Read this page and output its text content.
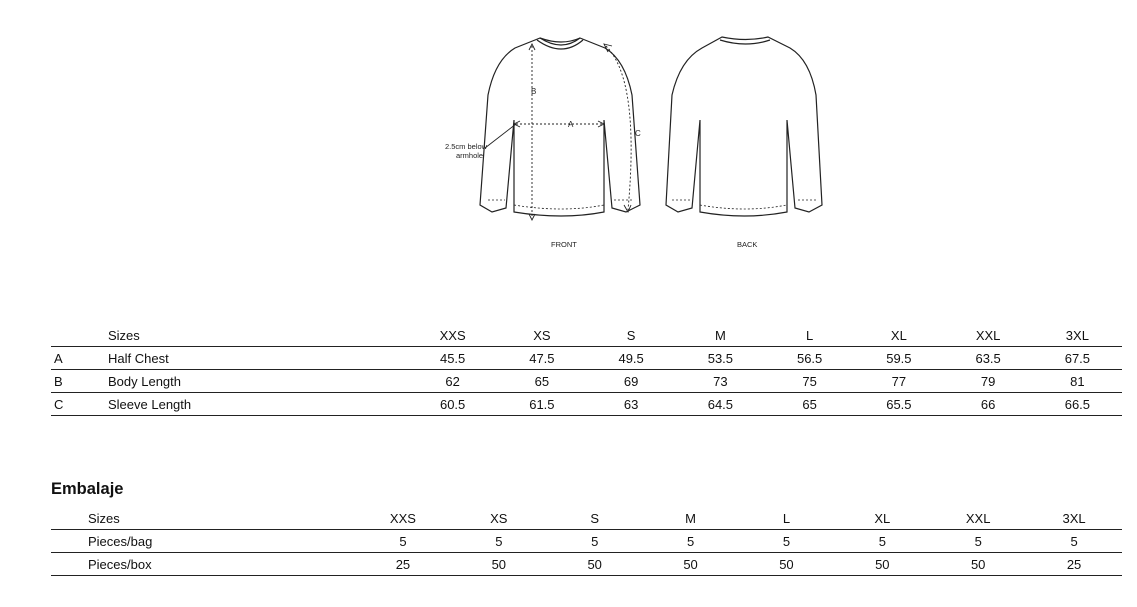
B
A
C
2.5cm below
armhole
FRONT	BACK
	Sizes	XXS	XS	S	M	L	XL	XXL	3XL
A	Half Chest	45.5	47.5	49.5	53.5	56.5	59.5	63.5	67.5
B	Body Length	62	65	69	73	75	77	79	81
C	Sleeve Length	60.5	61.5	63	64.5	65	65.5	66	66.5
Embalaje
	Sizes	XXS	XS	S	M	L	XL	XXL	3XL
	Pieces/bag	5	5	5	5	5	5	5	5
	Pieces/box	25	50	50	50	50	50	50	25
